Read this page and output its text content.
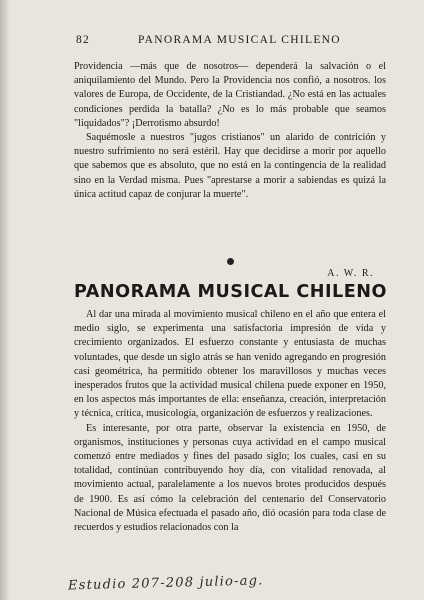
82	PANORAMA MUSICAL CHILENO

Providencia —más que de nosotros— dependerá la salvación o el aniquilamiento del Mundo. Pero la Providencia nos confió, a nosotros. los valores de Europa, de Occidente, de la Cristiandad. ¿No está en las actuales condiciones perdida la batalla? ¿No es lo más probable que seamos "liquidados"? ¡Derrotismo absurdo!

Saquémosle a nuestros "jugos cristianos" un alarido de contrición y nuestro sufrimiento no será estéril. Hay que decidirse a morir por aquello que sabemos que es absoluto, que no está en la contingencia de la realidad sino en la Verdad misma. Pues "aprestarse a morir a sabiendas es quizá la única actitud capaz de conjurar la muerte".

A. W. R.
PANORAMA MUSICAL CHILENO

Al dar una mirada al movimiento musical chileno en el año que entera el medio siglo, se experimenta una satisfactoria impresión de vida y crecimiento organizados. El esfuerzo constante y entusiasta de muchas voluntades, que desde un siglo atrás se han venido agregando en progresión casi geométrica, ha permitido obtener los maravillosos y muchas veces inesperados frutos que la actividad musical chilena puede exponer en 1950, en los aspectos más importantes de ella: enseñanza, creación, interpretación y técnica, crítica, musicología, organización de esfuerzos y realizaciones.

Es interesante, por otra parte, observar la existencia en 1950, de organismos, instituciones y personas cuya actividad en el campo musical comenzó entre mediados y fines del pasado siglo; los cuales, casi en su totalidad, continúan contribuyendo hoy día, con vitalidad renovada, al movimiento actual, paralelamente a los nuevos brotes producidos después de 1900. Es así cómo la celebración del centenario del Conservatorio Nacional de Música efectuada el pasado año, dió ocasión para toda clase de recuerdos y estudios relacionados con la

Estudio 207-208 julio-ag.
